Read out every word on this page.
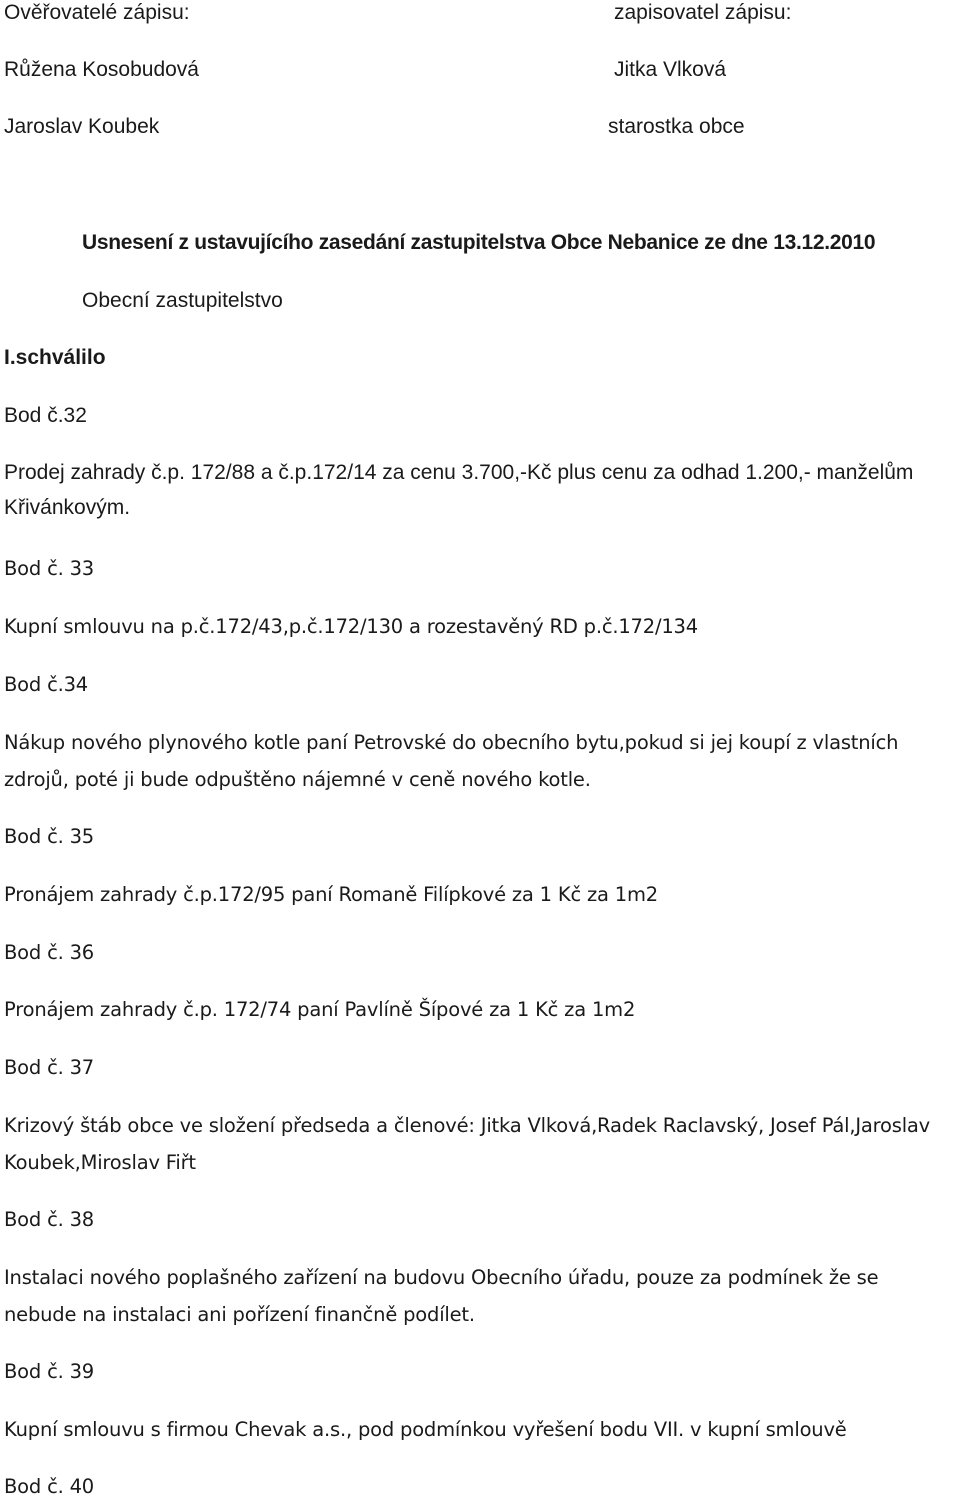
Ověřovatelé zápisu:	zapisovatel zápisu:
Růžena Kosobudová	Jitka Vlková
Jaroslav Koubek	starostka obce
Usnesení z ustavujícího zasedání zastupitelstva Obce Nebanice ze dne 13.12.2010
Obecní zastupitelstvo
I.schválilo
Bod č.32
Prodej zahrady č.p. 172/88 a č.p.172/14 za cenu 3.700,-Kč plus cenu za odhad 1.200,- manželům Křivánkovým.
Bod č. 33
Kupní smlouvu na p.č.172/43,p.č.172/130 a rozestavěný RD p.č.172/134
Bod č.34
Nákup nového plynového kotle paní Petrovské do obecního bytu,pokud si jej koupí z vlastních zdrojů, poté ji bude odpuštěno nájemné v ceně nového kotle.
Bod č. 35
Pronájem zahrady č.p.172/95 paní Romaně Filípkové za 1 Kč za 1m2
Bod č. 36
Pronájem zahrady č.p. 172/74 paní Pavlíně Šípové za 1 Kč za 1m2
Bod č. 37
Krizový štáb obce ve složení předseda a členové: Jitka Vlková,Radek Raclavský, Josef Pál,Jaroslav Koubek,Miroslav Fiřt
Bod č. 38
Instalaci nového poplašného zařízení na budovu Obecního úřadu, pouze za podmínek že se nebude na instalaci ani pořízení finančně podílet.
Bod č. 39
Kupní smlouvu s firmou Chevak a.s., pod podmínkou vyřešení bodu VII. v kupní smlouvě
Bod č. 40
